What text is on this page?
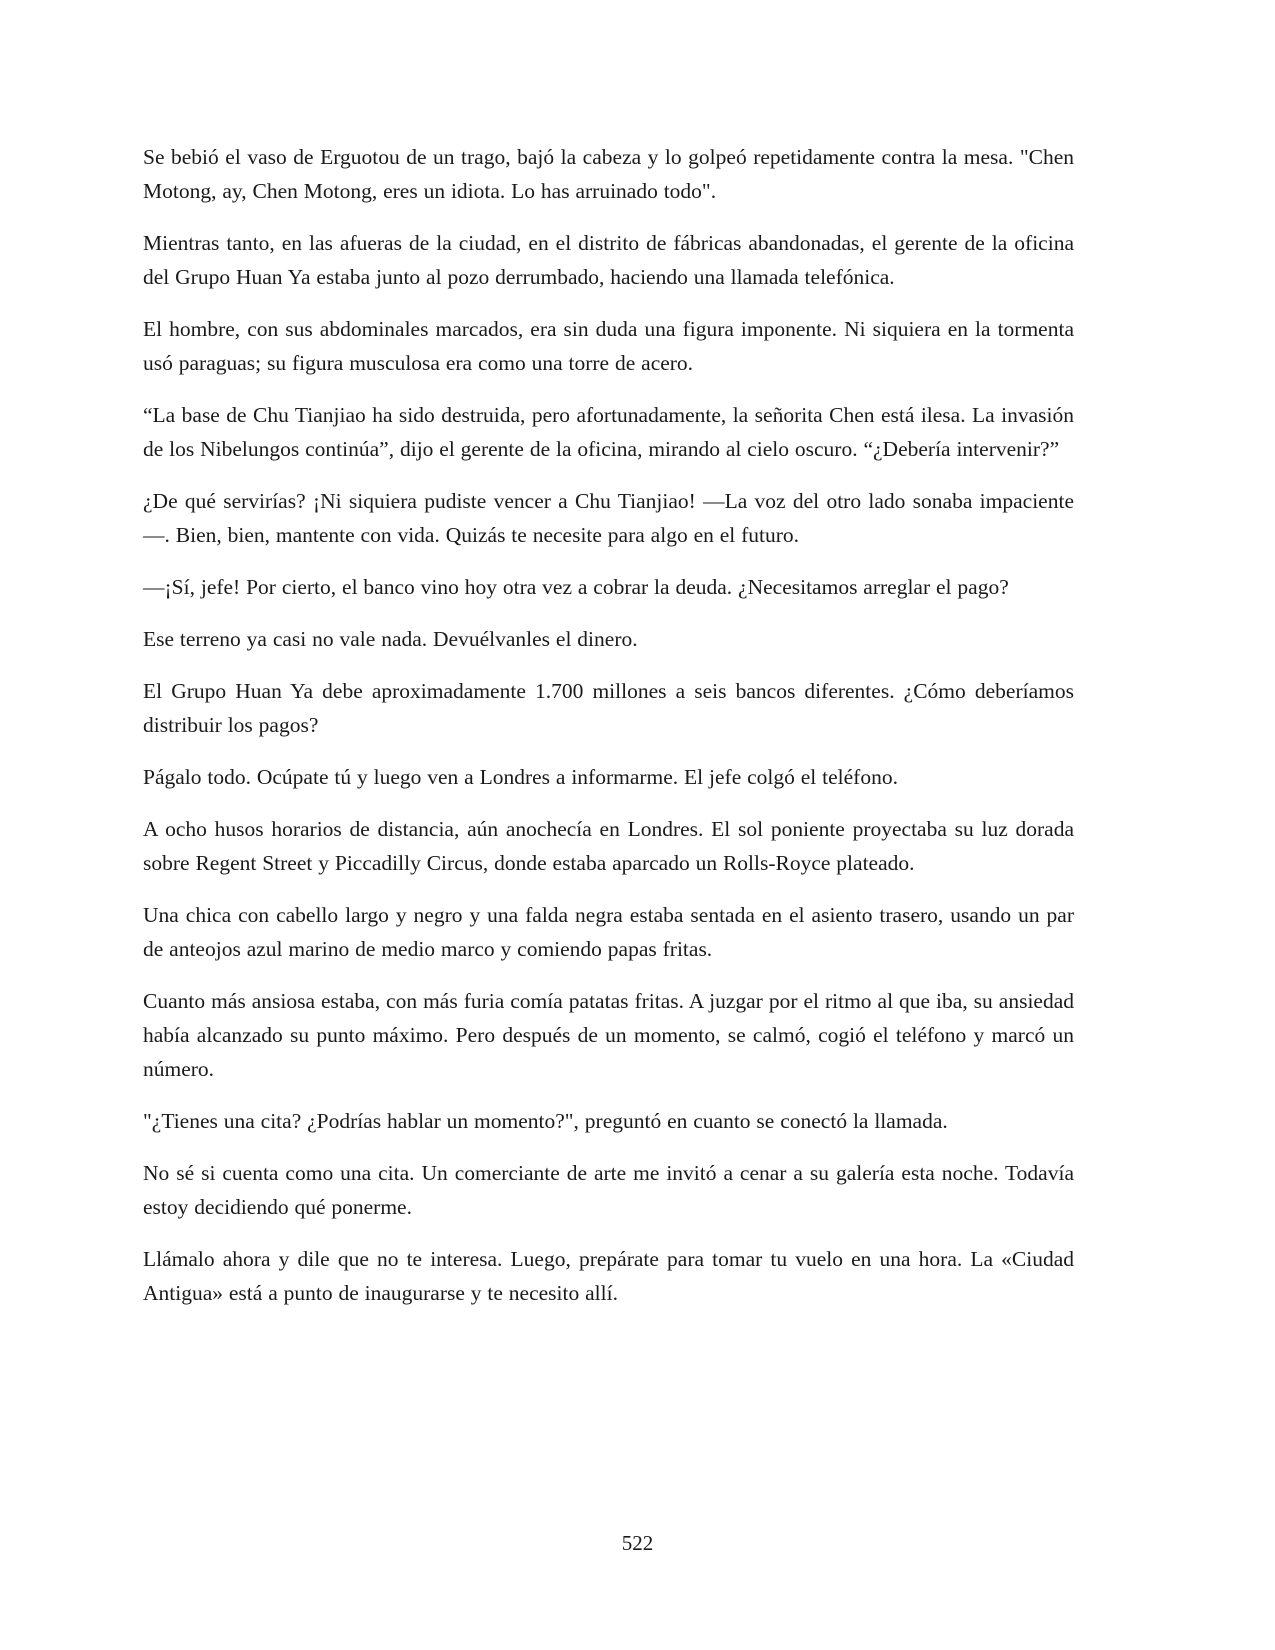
Se bebió el vaso de Erguotou de un trago, bajó la cabeza y lo golpeó repetidamente contra la mesa. "Chen Motong, ay, Chen Motong, eres un idiota. Lo has arruinado todo".

Mientras tanto, en las afueras de la ciudad, en el distrito de fábricas abandonadas, el gerente de la oficina del Grupo Huan Ya estaba junto al pozo derrumbado, haciendo una llamada telefónica.

El hombre, con sus abdominales marcados, era sin duda una figura imponente. Ni siquiera en la tormenta usó paraguas; su figura musculosa era como una torre de acero.

“La base de Chu Tianjiao ha sido destruida, pero afortunadamente, la señorita Chen está ilesa. La invasión de los Nibelungos continúa”, dijo el gerente de la oficina, mirando al cielo oscuro. “¿Debería intervenir?”

¿De qué servirías? ¡Ni siquiera pudiste vencer a Chu Tianjiao! —La voz del otro lado sonaba impaciente—. Bien, bien, mantente con vida. Quizás te necesite para algo en el futuro.

—¡Sí, jefe! Por cierto, el banco vino hoy otra vez a cobrar la deuda. ¿Necesitamos arreglar el pago?

Ese terreno ya casi no vale nada. Devuélvanles el dinero.

El Grupo Huan Ya debe aproximadamente 1.700 millones a seis bancos diferentes. ¿Cómo deberíamos distribuir los pagos?

Págalo todo. Ocúpate tú y luego ven a Londres a informarme. El jefe colgó el teléfono.

A ocho husos horarios de distancia, aún anochecía en Londres. El sol poniente proyectaba su luz dorada sobre Regent Street y Piccadilly Circus, donde estaba aparcado un Rolls-Royce plateado.

Una chica con cabello largo y negro y una falda negra estaba sentada en el asiento trasero, usando un par de anteojos azul marino de medio marco y comiendo papas fritas.

Cuanto más ansiosa estaba, con más furia comía patatas fritas. A juzgar por el ritmo al que iba, su ansiedad había alcanzado su punto máximo. Pero después de un momento, se calmó, cogió el teléfono y marcó un número.

"¿Tienes una cita? ¿Podrías hablar un momento?", preguntó en cuanto se conectó la llamada.

No sé si cuenta como una cita. Un comerciante de arte me invitó a cenar a su galería esta noche. Todavía estoy decidiendo qué ponerme.

Llámalo ahora y dile que no te interesa. Luego, prepárate para tomar tu vuelo en una hora. La «Ciudad Antigua» está a punto de inaugurarse y te necesito allí.

522
